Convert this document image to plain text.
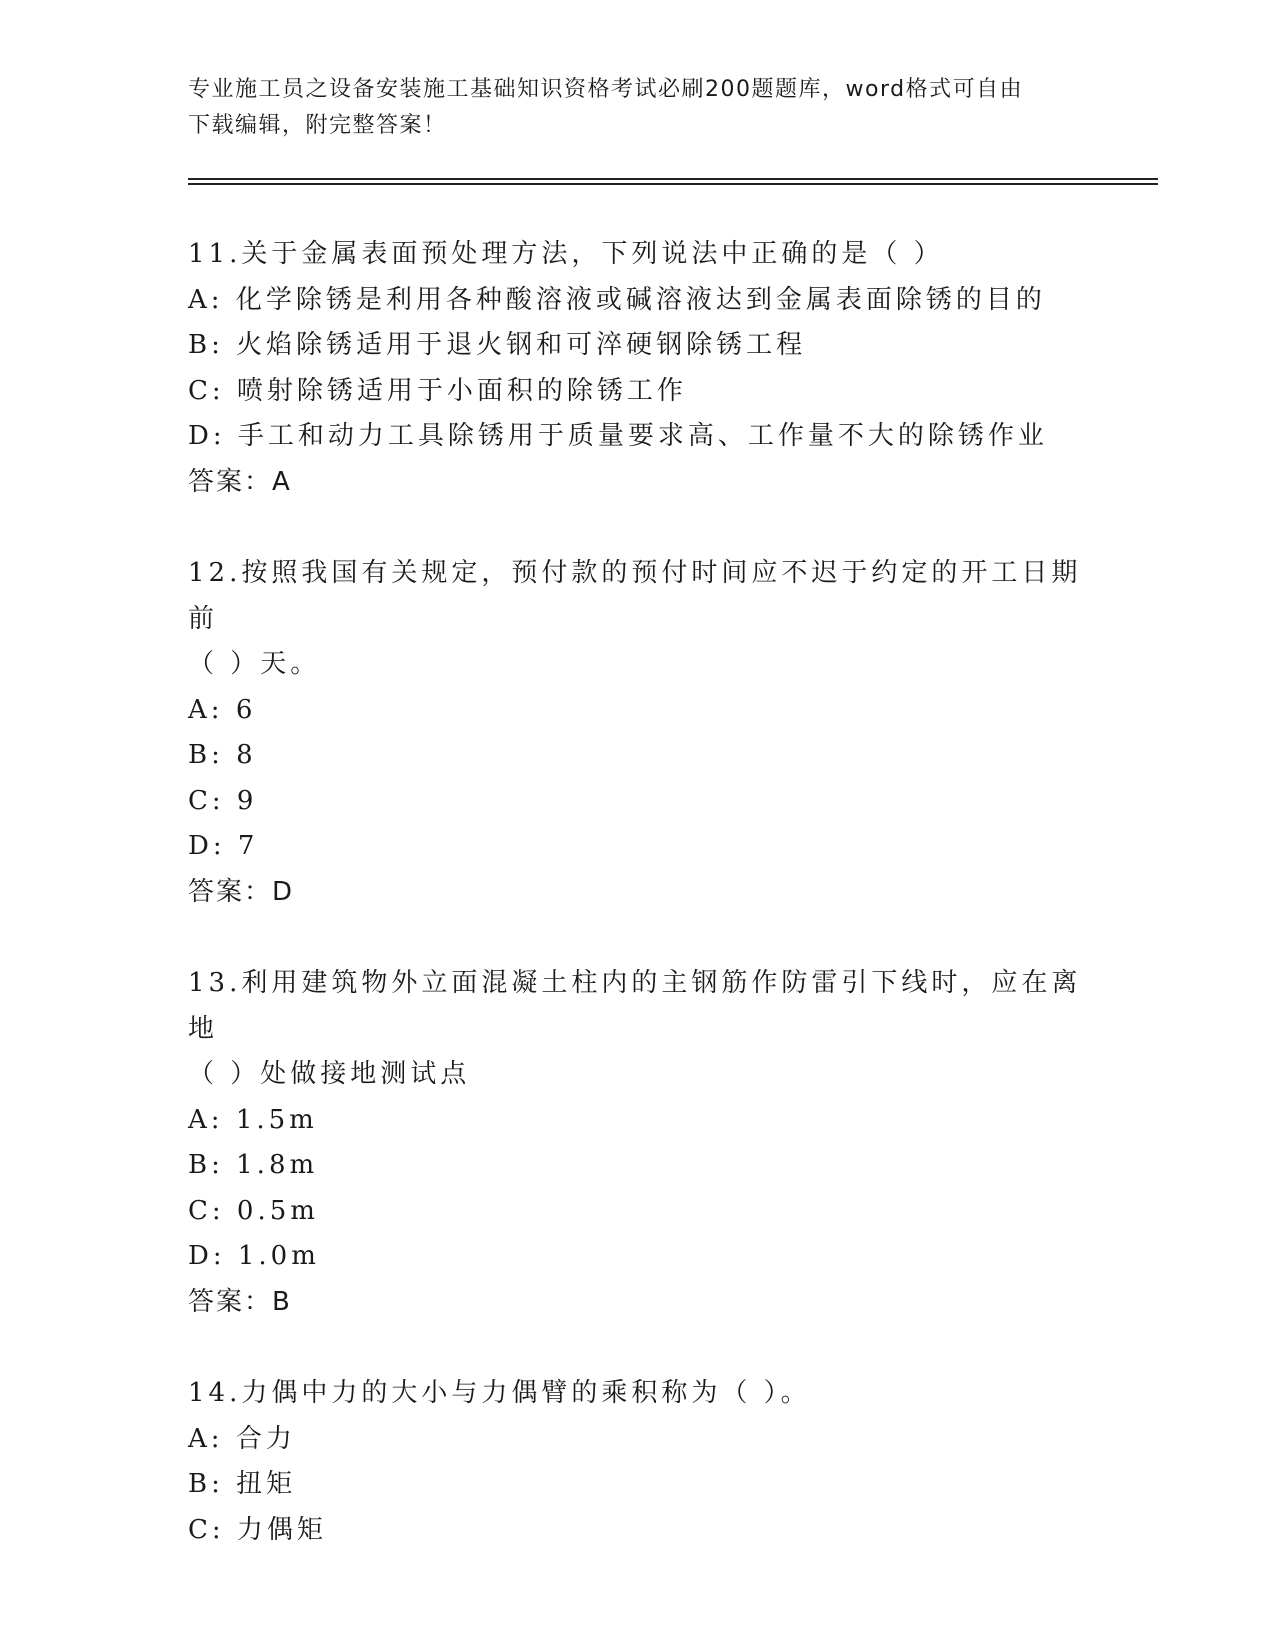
专业施工员之设备安装施工基础知识资格考试必刷200题题库，word格式可自由
下载编辑，附完整答案！
11.关于金属表面预处理方法，下列说法中正确的是（ ）
A: 化学除锈是利用各种酸溶液或碱溶液达到金属表面除锈的目的
B: 火焰除锈适用于退火钢和可淬硬钢除锈工程
C: 喷射除锈适用于小面积的除锈工作
D: 手工和动力工具除锈用于质量要求高、工作量不大的除锈作业
答案：A
12.按照我国有关规定，预付款的预付时间应不迟于约定的开工日期前
（ ）天。
A: 6
B: 8
C: 9
D: 7
答案：D
13.利用建筑物外立面混凝土柱内的主钢筋作防雷引下线时，应在离地
（ ）处做接地测试点
A: 1.5m
B: 1.8m
C: 0.5m
D: 1.0m
答案：B
14.力偶中力的大小与力偶臂的乘积称为（ ）。
A: 合力
B: 扭矩
C: 力偶矩
